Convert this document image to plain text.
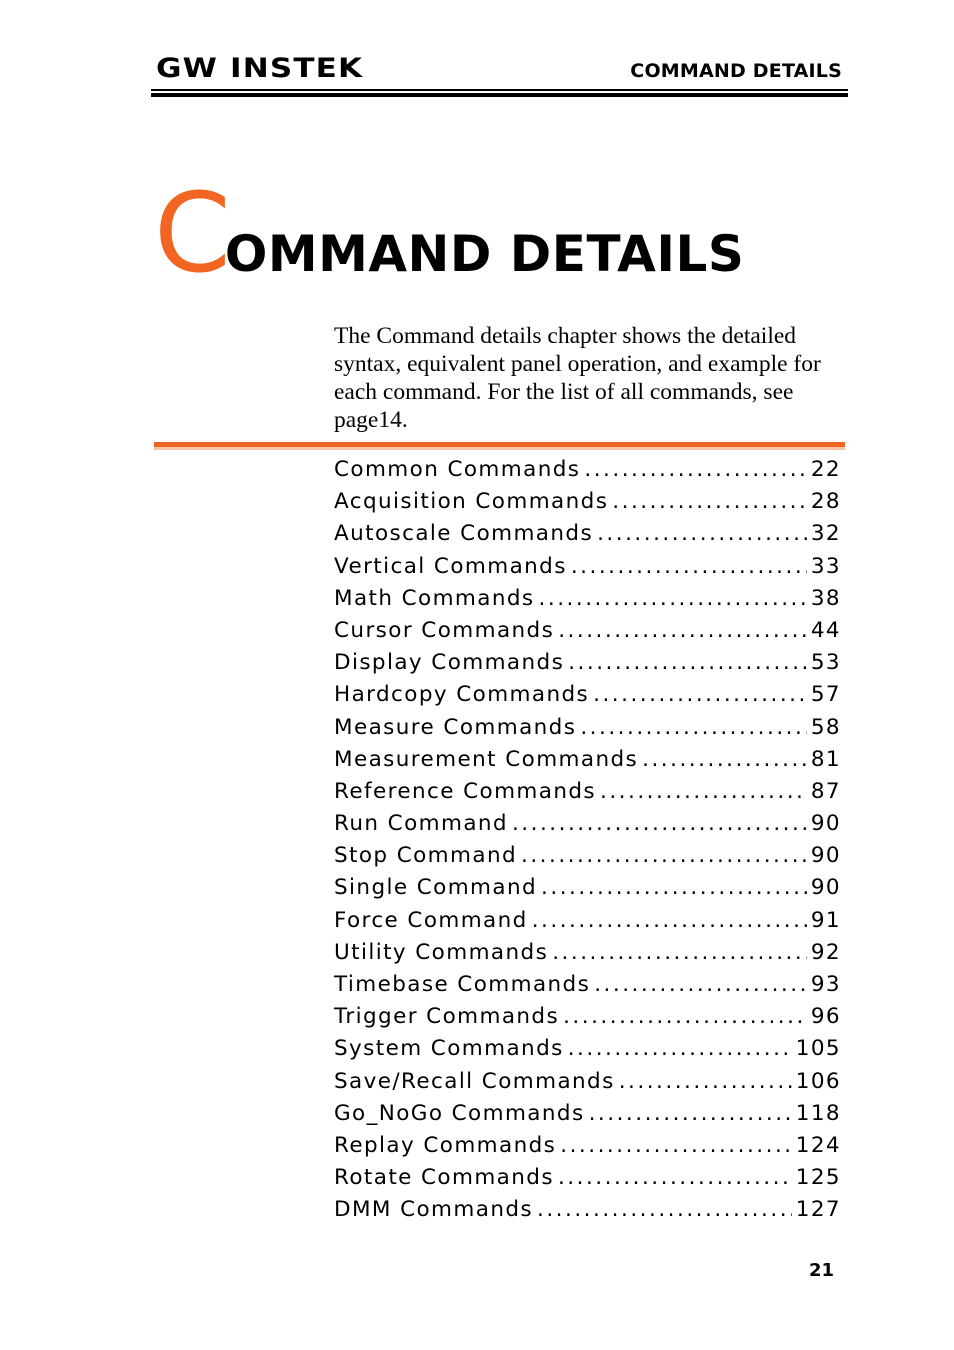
GW INSTEK	COMMAND DETAILS
COMMAND DETAILS

The Command details chapter shows the detailed syntax, equivalent panel operation, and example for each command. For the list of all commands, see page14.

Common Commands .....	22
Acquisition Commands .....	28
Autoscale Commands .....	32
Vertical Commands .....	33
Math Commands .....	38
Cursor Commands .....	44
Display Commands .....	53
Hardcopy Commands .....	57
Measure Commands .....	58
Measurement Commands .....	81
Reference Commands .....	87
Run Command .....	90
Stop Command .....	90
Single Command .....	90
Force Command .....	91
Utility Commands .....	92
Timebase Commands .....	93
Trigger Commands .....	96
System Commands .....	105
Save/Recall Commands .....	106
Go_NoGo Commands .....	118
Replay Commands .....	124
Rotate Commands .....	125
DMM Commands .....	127
21
